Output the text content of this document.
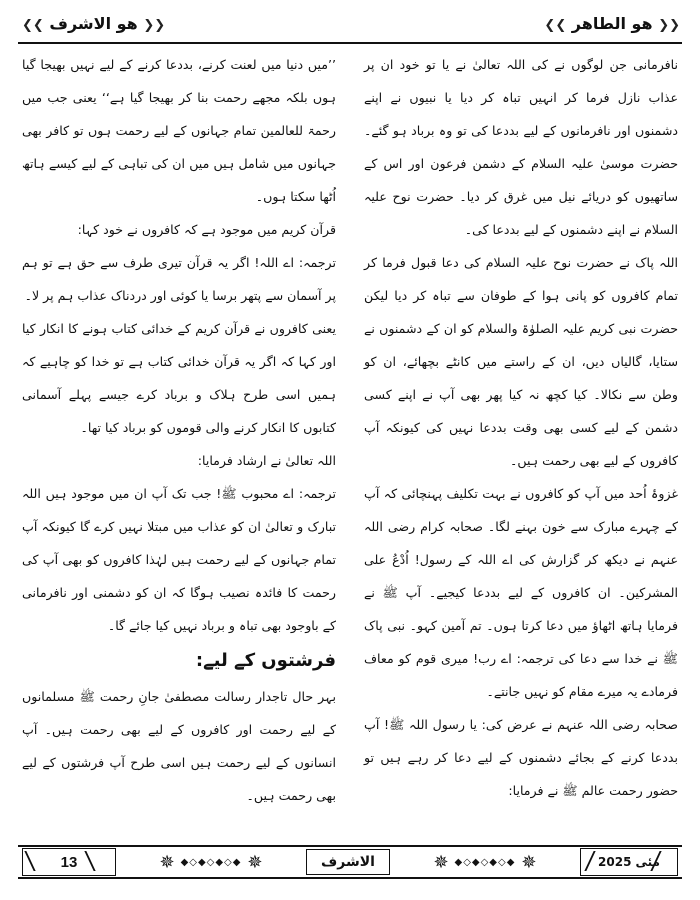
❮❮ هو الطاهر ❯❯
❮❮ هو الاشرف ❯❯

نافرمانی جن لوگوں نے کی اللہ تعالیٰ نے یا تو خود ان پر عذاب نازل فرما کر انہیں تباہ کر دیا یا نبیوں نے اپنے دشمنوں اور نافرمانوں کے لیے بددعا کی تو وہ برباد ہو گئے۔ حضرت موسیٰ علیہ السلام کے دشمن فرعون اور اس کے ساتھیوں کو دریائے نیل میں غرق کر دیا۔ حضرت نوح علیہ السلام نے اپنے دشمنوں کے لیے بددعا کی۔

اللہ پاک نے حضرت نوح علیہ السلام کی دعا قبول فرما کر تمام کافروں کو پانی ہوا کے طوفان سے تباہ کر دیا لیکن حضرت نبی کریم علیہ الصلوٰۃ والسلام کو ان کے دشمنوں نے ستایا، گالیاں دیں، ان کے راستے میں کانٹے بچھائے، ان کو وطن سے نکالا۔ کیا کچھ نہ کیا پھر بھی آپ نے اپنے کسی دشمن کے لیے کسی بھی وقت بددعا نہیں کی کیونکہ آپ کافروں کے لیے بھی رحمت ہیں۔

غزوۂ اُحد میں آپ کو کافروں نے بہت تکلیف پہنچائی کہ آپ کے چہرے مبارک سے خون بہنے لگا۔ صحابہ کرام رضی اللہ عنہم نے دیکھ کر گزارش کی اے اللہ کے رسول! اُدْعُ علی المشرکین۔ ان کافروں کے لیے بددعا کیجیے۔ آپ ﷺ نے فرمایا ہاتھ اٹھاؤ میں دعا کرتا ہوں۔ تم آمین کہو۔ نبی پاک ﷺ نے خدا سے دعا کی ترجمہ: اے رب! میری قوم کو معاف فرمادے یہ میرے مقام کو نہیں جانتے۔

صحابہ رضی اللہ عنہم نے عرض کی: یا رسول اللہ ﷺ! آپ بددعا کرنے کے بجائے دشمنوں کے لیے دعا کر رہے ہیں تو حضور رحمت عالم ﷺ نے فرمایا:

’’میں دنیا میں لعنت کرنے، بددعا کرنے کے لیے نہیں بھیجا گیا ہوں بلکہ مجھے رحمت بنا کر بھیجا گیا ہے‘‘ یعنی جب میں رحمۃ للعالمین تمام جہانوں کے لیے رحمت ہوں تو کافر بھی جہانوں میں شامل ہیں میں ان کی تباہی کے لیے کیسے ہاتھ اُٹھا سکتا ہوں۔

قرآن کریم میں موجود ہے کہ کافروں نے خود کہا:

ترجمہ: اے اللہ! اگر یہ قرآن تیری طرف سے حق ہے تو ہم پر آسمان سے پتھر برسا یا کوئی اور دردناک عذاب ہم پر لا۔

یعنی کافروں نے قرآن کریم کے خدائی کتاب ہونے کا انکار کیا اور کہا کہ اگر یہ قرآن خدائی کتاب ہے تو خدا کو چاہیے کہ ہمیں اسی طرح ہلاک و برباد کرے جیسے پہلے آسمانی کتابوں کا انکار کرنے والی قوموں کو برباد کیا تھا۔

اللہ تعالیٰ نے ارشاد فرمایا:

ترجمہ: اے محبوب ﷺ! جب تک آپ ان میں موجود ہیں اللہ تبارک و تعالیٰ ان کو عذاب میں مبتلا نہیں کرے گا کیونکہ آپ تمام جہانوں کے لیے رحمت ہیں لہٰذا کافروں کو بھی آپ کی رحمت کا فائدہ نصیب ہوگا کہ ان کو دشمنی اور نافرمانی کے باوجود بھی تباہ و برباد نہیں کیا جائے گا۔

فرشتوں کے لیے:

بہر حال تاجدار رسالت مصطفیٰ جانِ رحمت ﷺ مسلمانوں کے لیے رحمت اور کافروں کے لیے بھی رحمت ہیں۔ آپ انسانوں کے لیے رحمت ہیں اسی طرح آپ فرشتوں کے لیے بھی رحمت ہیں۔

13	✵ ◆◇◆◇◆◇◆ ✵	الاشرف	✵ ◆◇◆◇◆◇◆ ✵	مئی
2025
